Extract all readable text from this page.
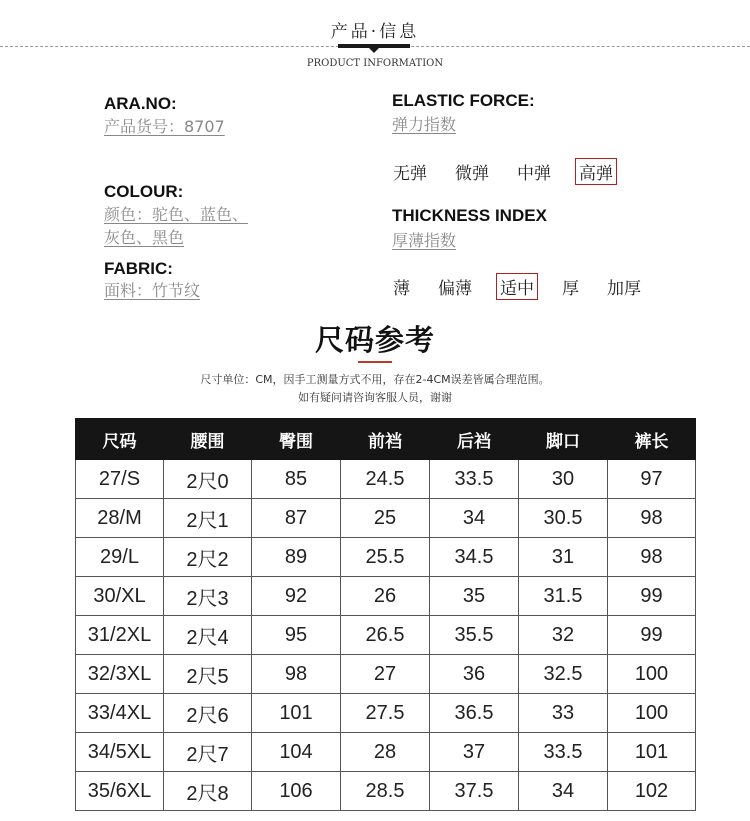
产品·信息
PRODUCT INFORMATION
ARA.NO:
产品货号：8707
COLOUR:
颜色：驼色、蓝色、
灰色、黑色
FABRIC:
面料：竹节纹
ELASTIC FORCE:
弹力指数
无弹 微弹 中弹 高弹
THICKNESS INDEX
厚薄指数
薄 偏薄 适中 厚 加厚
尺码参考
尺寸单位：CM，因手工测量方式不用，存在2-4CM误差皆属合理范围。
如有疑问请咨询客服人员，谢谢
尺码	腰围	臀围	前裆	后裆	脚口	裤长
27/S	2尺0	85	24.5	33.5	30	97
28/M	2尺1	87	25	34	30.5	98
29/L	2尺2	89	25.5	34.5	31	98
30/XL	2尺3	92	26	35	31.5	99
31/2XL	2尺4	95	26.5	35.5	32	99
32/3XL	2尺5	98	27	36	32.5	100
33/4XL	2尺6	101	27.5	36.5	33	100
34/5XL	2尺7	104	28	37	33.5	101
35/6XL	2尺8	106	28.5	37.5	34	102
